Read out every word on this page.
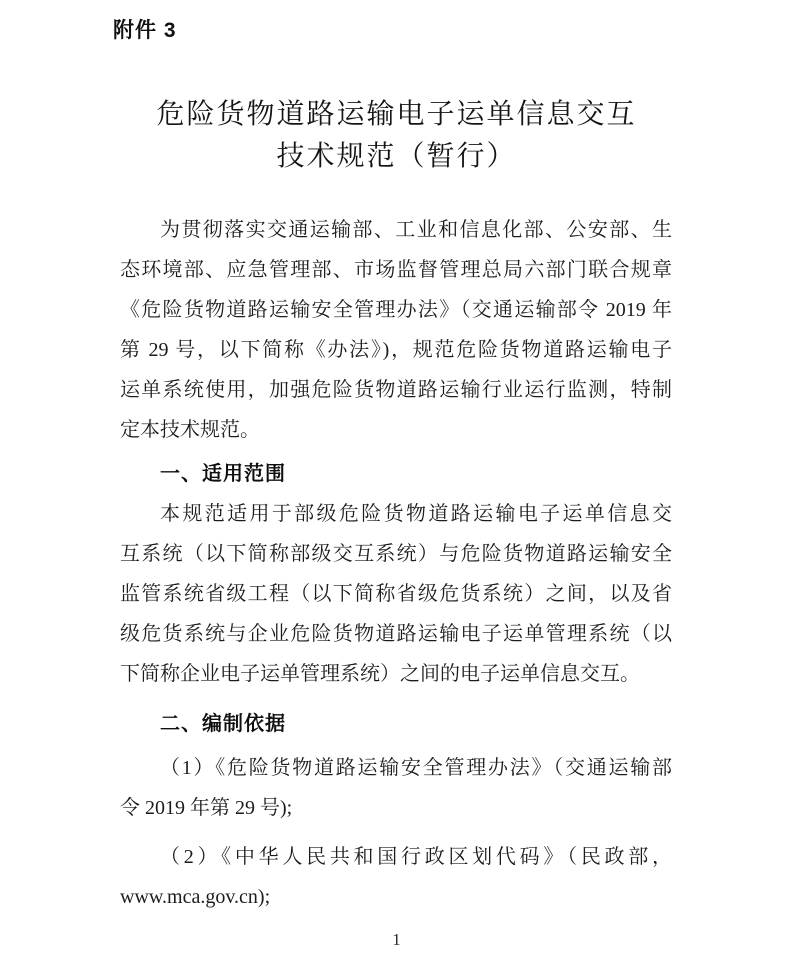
附件 3
危险货物道路运输电子运单信息交互
技术规范（暂行）
为贯彻落实交通运输部、工业和信息化部、公安部、生
态环境部、应急管理部、市场监督管理总局六部门联合规章
《危险货物道路运输安全管理办法》（交通运输部令 2019 年
第 29 号，以下简称《办法》)，规范危险货物道路运输电子
运单系统使用，加强危险货物道路运输行业运行监测，特制
定本技术规范。
一、适用范围
本规范适用于部级危险货物道路运输电子运单信息交
互系统（以下简称部级交互系统）与危险货物道路运输安全
监管系统省级工程（以下简称省级危货系统）之间，以及省
级危货系统与企业危险货物道路运输电子运单管理系统（以
下简称企业电子运单管理系统）之间的电子运单信息交互。
二、编制依据
（1）《危险货物道路运输安全管理办法》（交通运输部
令 2019 年第 29 号);
（2）《中华人民共和国行政区划代码》（民政部，
www.mca.gov.cn);
1
